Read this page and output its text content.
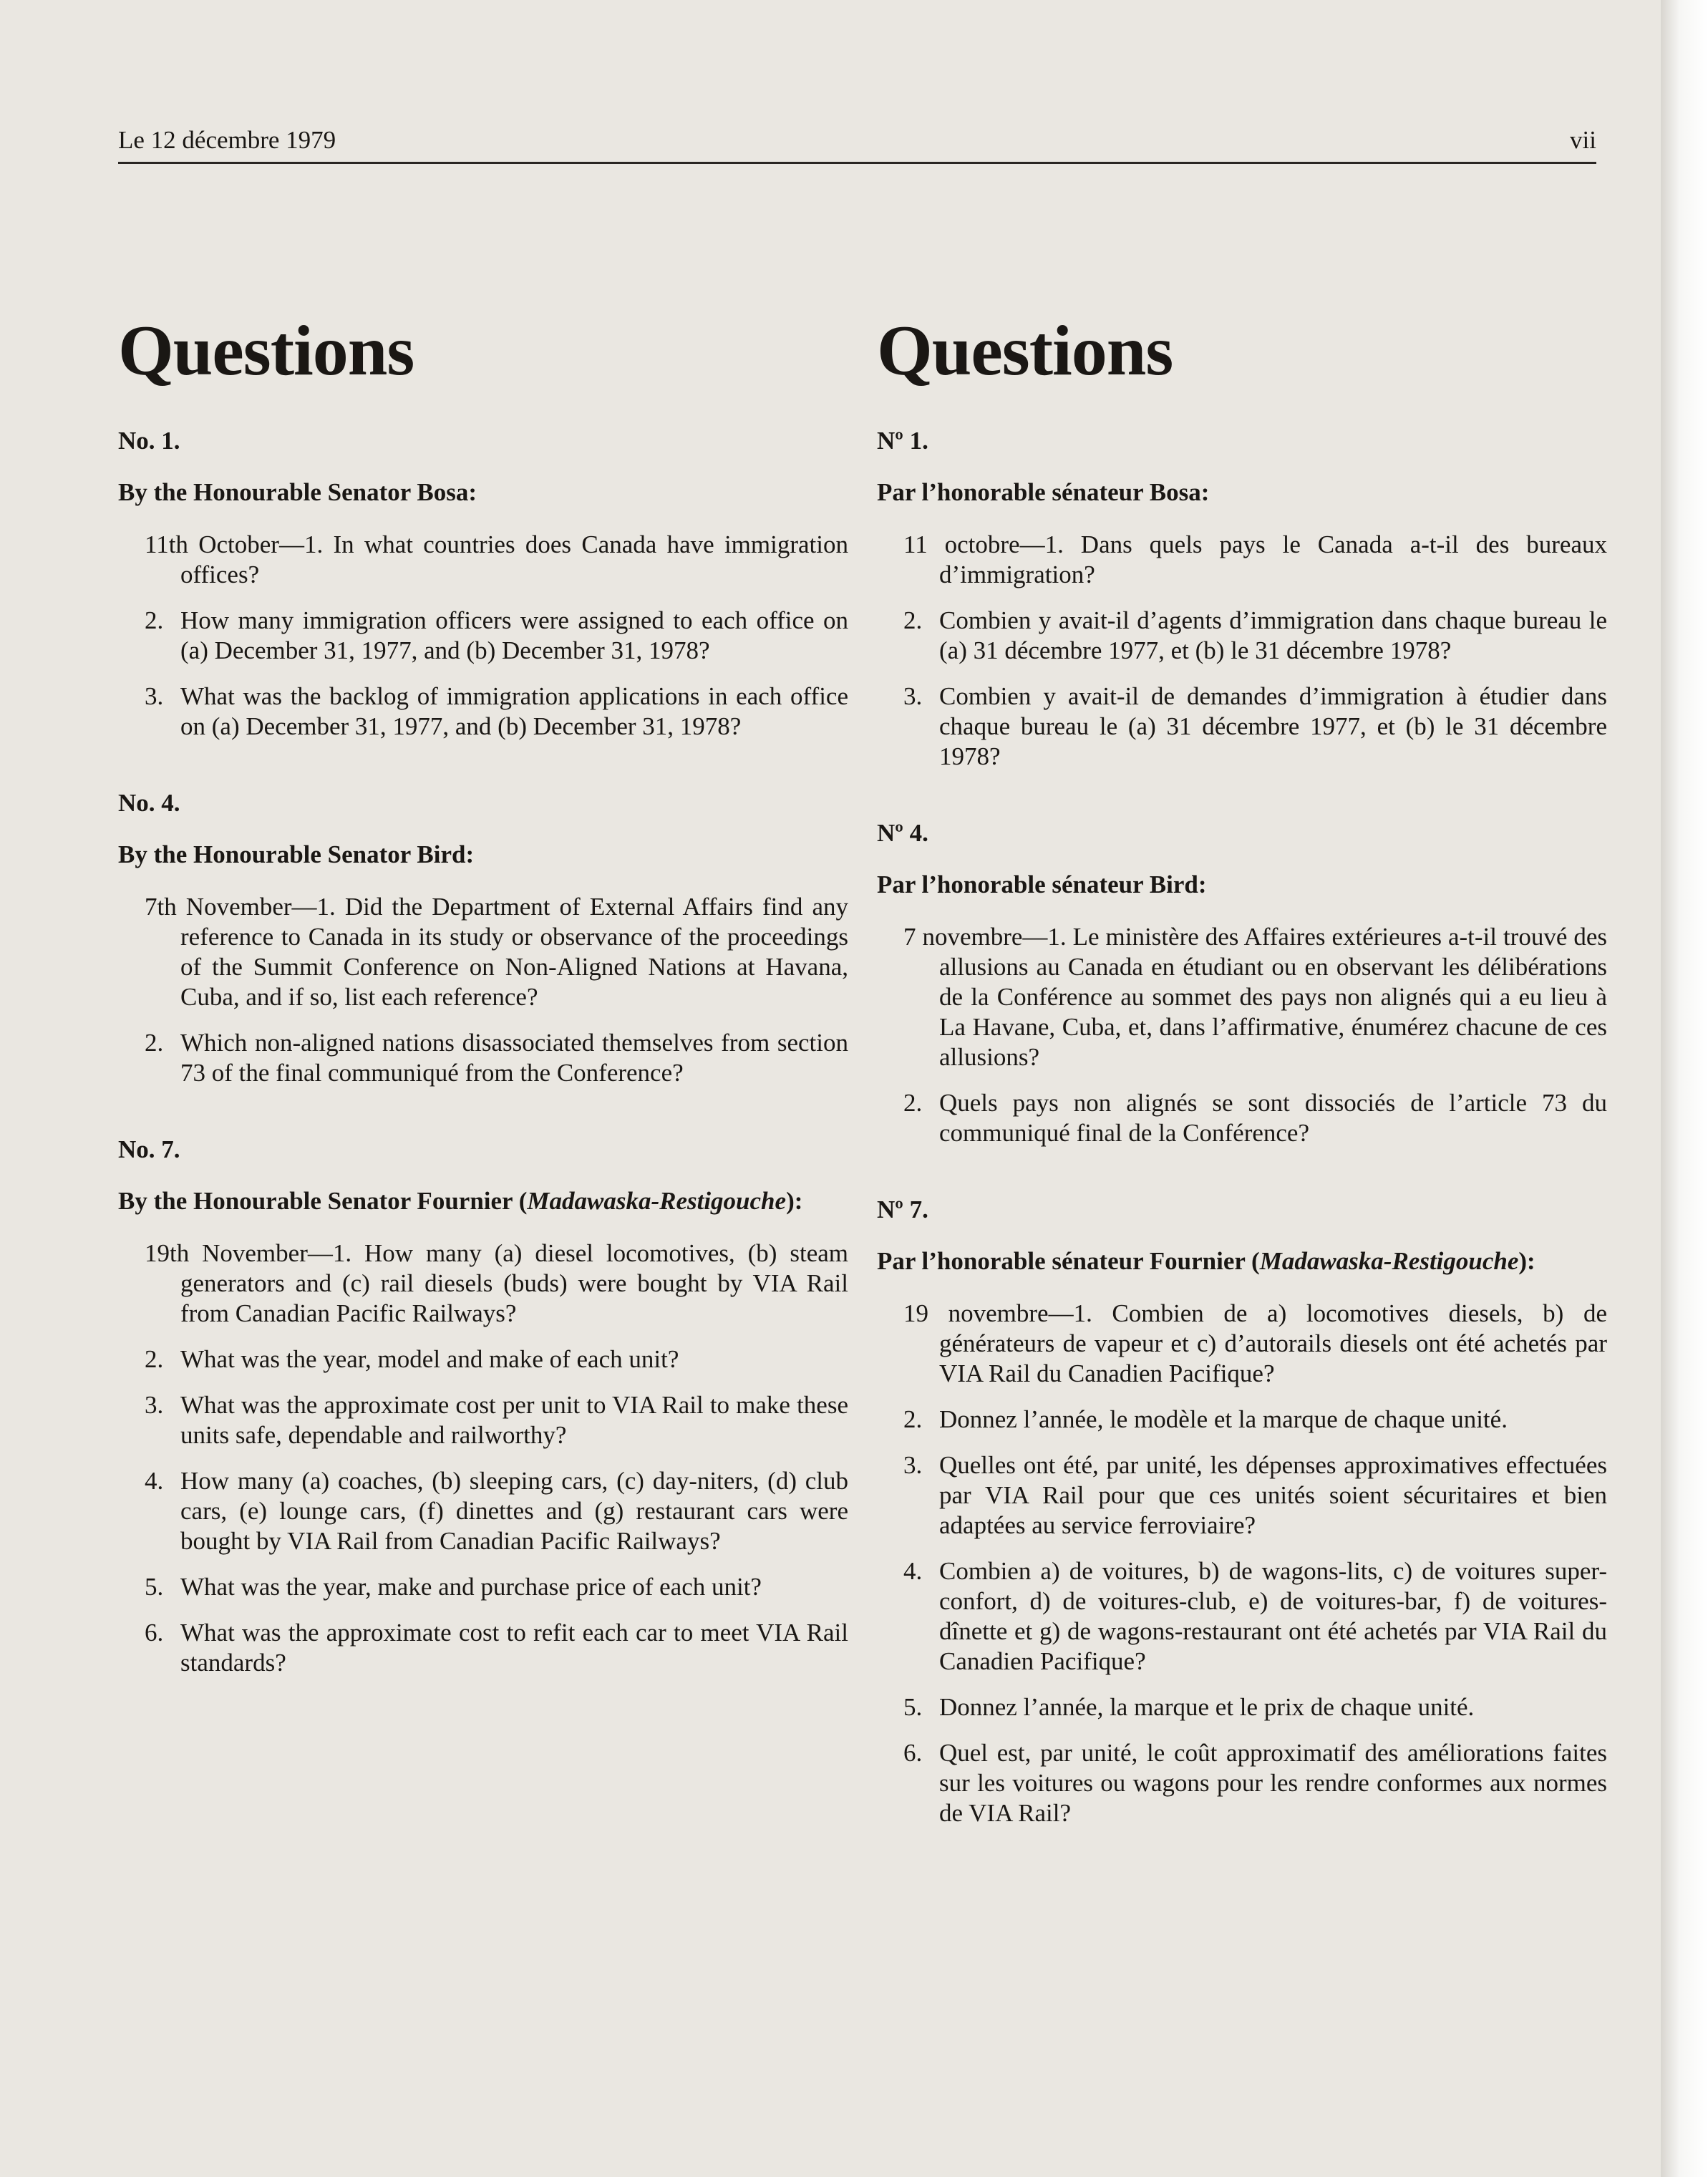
Le 12 décembre 1979	vii
Questions
No. 1.
By the Honourable Senator Bosa:

11th October—1. In what countries does Canada have immigration offices?

2. How many immigration officers were assigned to each office on (a) December 31, 1977, and (b) December 31, 1978?

3. What was the backlog of immigration applications in each office on (a) December 31, 1977, and (b) December 31, 1978?

No. 4.
By the Honourable Senator Bird:

7th November—1. Did the Department of External Affairs find any reference to Canada in its study or observance of the proceedings of the Summit Conference on Non-Aligned Nations at Havana, Cuba, and if so, list each reference?

2. Which non-aligned nations disassociated themselves from section 73 of the final communiqué from the Conference?

No. 7.
By the Honourable Senator Fournier (Madawaska-Restigouche):

19th November—1. How many (a) diesel locomotives, (b) steam generators and (c) rail diesels (buds) were bought by VIA Rail from Canadian Pacific Railways?

2. What was the year, model and make of each unit?

3. What was the approximate cost per unit to VIA Rail to make these units safe, dependable and railworthy?

4. How many (a) coaches, (b) sleeping cars, (c) day-niters, (d) club cars, (e) lounge cars, (f) dinettes and (g) restaurant cars were bought by VIA Rail from Canadian Pacific Railways?

5. What was the year, make and purchase price of each unit?

6. What was the approximate cost to refit each car to meet VIA Rail standards?

Questions
Nº 1.
Par l’honorable sénateur Bosa:

11 octobre—1. Dans quels pays le Canada a-t-il des bureaux d’immigration?

2. Combien y avait-il d’agents d’immigration dans chaque bureau le (a) 31 décembre 1977, et (b) le 31 décembre 1978?

3. Combien y avait-il de demandes d’immigration à étudier dans chaque bureau le (a) 31 décembre 1977, et (b) le 31 décembre 1978?

Nº 4.
Par l’honorable sénateur Bird:

7 novembre—1. Le ministère des Affaires extérieures a-t-il trouvé des allusions au Canada en étudiant ou en observant les délibérations de la Conférence au sommet des pays non alignés qui a eu lieu à La Havane, Cuba, et, dans l’affirmative, énumérez chacune de ces allusions?

2. Quels pays non alignés se sont dissociés de l’article 73 du communiqué final de la Conférence?

Nº 7.
Par l’honorable sénateur Fournier (Madawaska-Restigouche):

19 novembre—1. Combien de a) locomotives diesels, b) de générateurs de vapeur et c) d’autorails diesels ont été achetés par VIA Rail du Canadien Pacifique?

2. Donnez l’année, le modèle et la marque de chaque unité.

3. Quelles ont été, par unité, les dépenses approximatives effectuées par VIA Rail pour que ces unités soient sécuritaires et bien adaptées au service ferroviaire?

4. Combien a) de voitures, b) de wagons-lits, c) de voitures super-confort, d) de voitures-club, e) de voitures-bar, f) de voitures-dînette et g) de wagons-restaurant ont été achetés par VIA Rail du Canadien Pacifique?

5. Donnez l’année, la marque et le prix de chaque unité.

6. Quel est, par unité, le coût approximatif des améliorations faites sur les voitures ou wagons pour les rendre conformes aux normes de VIA Rail?
